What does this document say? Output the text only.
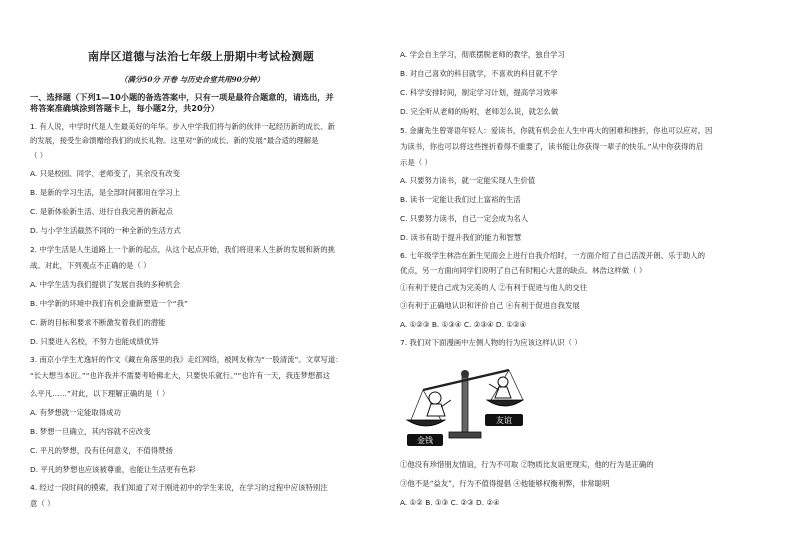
南岸区道德与法治七年级上册期中考试检测题
（满分50分 开卷 与历史合堂共用90分钟）
一、选择题（下列1—10小题的备选答案中，只有一项是最符合题意的，请选出，并
将答案准确填涂到答题卡上，每小题2分，共20分）
1. 有人说，中学时代是人生最美好的年华。步入中学我们将与新的伙伴一起经历新的成长、新
的发展，接受生命馈赠给我们的成长礼物。这里对“新的成长、新的发展”最合适的理解是
（ ）
A. 只是校园、同学、老师变了，其余没有改变
B. 是新的学习生活，是全部时间都用在学习上
C. 是新体验新生活、进行自我完善的新起点
D. 与小学生活截然不同的一种全新的生活方式
2. 中学生活是人生道路上一个新的起点，从这个起点开始，我们将迎来人生新的发展和新的挑
战。对此，下列观点不正确的是（ ）
A. 中学生活为我们提供了发展自我的多种机会
B. 中学新的环境中我们有机会重新塑造一个“我”
C. 新的目标和要求不断激发着我们的潜能
D. 只要进入名校，不努力也能成绩优异
3. 南京小学生尤逸轩的作文《藏在角落里的我》走红网络，被网友称为“一股清流”。文章写道：
“长大想当本匠。”“也许我并不需要考哈佛北大，只要快乐就行。”“也许有一天，我连梦想都这
么平凡……”对此，以下理解正确的是（ ）
A. 有梦想就一定能取得成功
B. 梦想一旦确立，其内容就不应改变
C. 平凡的梦想，没有任何意义，不值得赞扬
D. 平凡的梦想也应该被尊重，也能让生活更有色彩
4. 经过一段时间的摸索，我们知道了对于刚进初中的学生来说，在学习的过程中应该特别注
意（ ）
A. 学会自主学习，彻底摆脱老师的教学，独自学习
B. 对自己喜欢的科目就学，不喜欢的科目就不学
C. 科学安排时间，制定学习计划，提高学习效率
D. 完全听从老师的吩咐，老师怎么说，就怎么做
5. 金庸先生曾寄语年轻人：爱读书，你就有机会在人生中再大的困难和挫折，你也可以应对。因
为读书，你也可以将这些挫折看得不重要了，读书能让你获得一辈子的快乐。”从中你获得的启
示是（ ）
A. 只要努力读书，就一定能实现人生价值
B. 读书一定能让我们过上富裕的生活
C. 只要努力读书，自己一定会成为名人
D. 读书有助于提升我们的能力和智慧
6. 七年级学生林浩在新生见面会上进行自我介绍时，一方面介绍了自己活泼开朗、乐于助人的
优点，另一方面向同学们说明了自己有时粗心大意的缺点。林浩这样做（ ）
①有利于使自己成为完美的人 ②有利于促进与他人的交往
③有利于正确地认识和评价自己 ④有利于促进自我发展
A. ①②③ B. ①③④ C. ②③④ D. ①②④
7. 我们对下面漫画中左侧人物的行为应该这样认识（ ）
金钱
友谊
①他没有珍惜朋友情谊，行为不可取 ②物质比友谊更现实，他的行为是正确的
③他不是“益友”，行为不值得提倡 ④他能够权衡利弊，非常聪明
A. ①② B. ①③ C. ②③ D. ②④
